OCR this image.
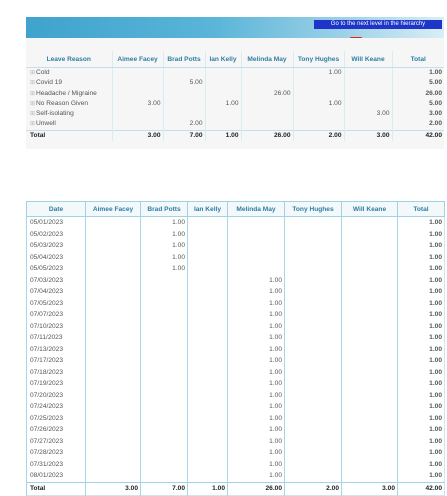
Go to the next level in the hierarchy
Leave Reason	Aimee Facey	Brad Potts	Ian Kelly	Melinda May	Tony Hughes	Will Keane	Total
⊞Cold					1.00		1.00
⊞Covid 19		5.00					5.00
⊞Headache / Migraine				26.00			26.00
⊞No Reason Given	3.00		1.00		1.00		5.00
⊞Self-isolating						3.00	3.00
⊞Unwell		2.00					2.00
Total	3.00	7.00	1.00	26.00	2.00	3.00	42.00
Date	Aimee Facey	Brad Potts	Ian Kelly	Melinda May	Tony Hughes	Will Keane	Total
05/01/2023		1.00					1.00
05/02/2023		1.00					1.00
05/03/2023		1.00					1.00
05/04/2023		1.00					1.00
05/05/2023		1.00					1.00
07/03/2023				1.00			1.00
07/04/2023				1.00			1.00
07/05/2023				1.00			1.00
07/07/2023				1.00			1.00
07/10/2023				1.00			1.00
07/11/2023				1.00			1.00
07/13/2023				1.00			1.00
07/17/2023				1.00			1.00
07/18/2023				1.00			1.00
07/19/2023				1.00			1.00
07/20/2023				1.00			1.00
07/24/2023				1.00			1.00
07/25/2023				1.00			1.00
07/26/2023				1.00			1.00
07/27/2023				1.00			1.00
07/28/2023				1.00			1.00
07/31/2023				1.00			1.00
08/01/2023				1.00			1.00
Total	3.00	7.00	1.00	26.00	2.00	3.00	42.00
